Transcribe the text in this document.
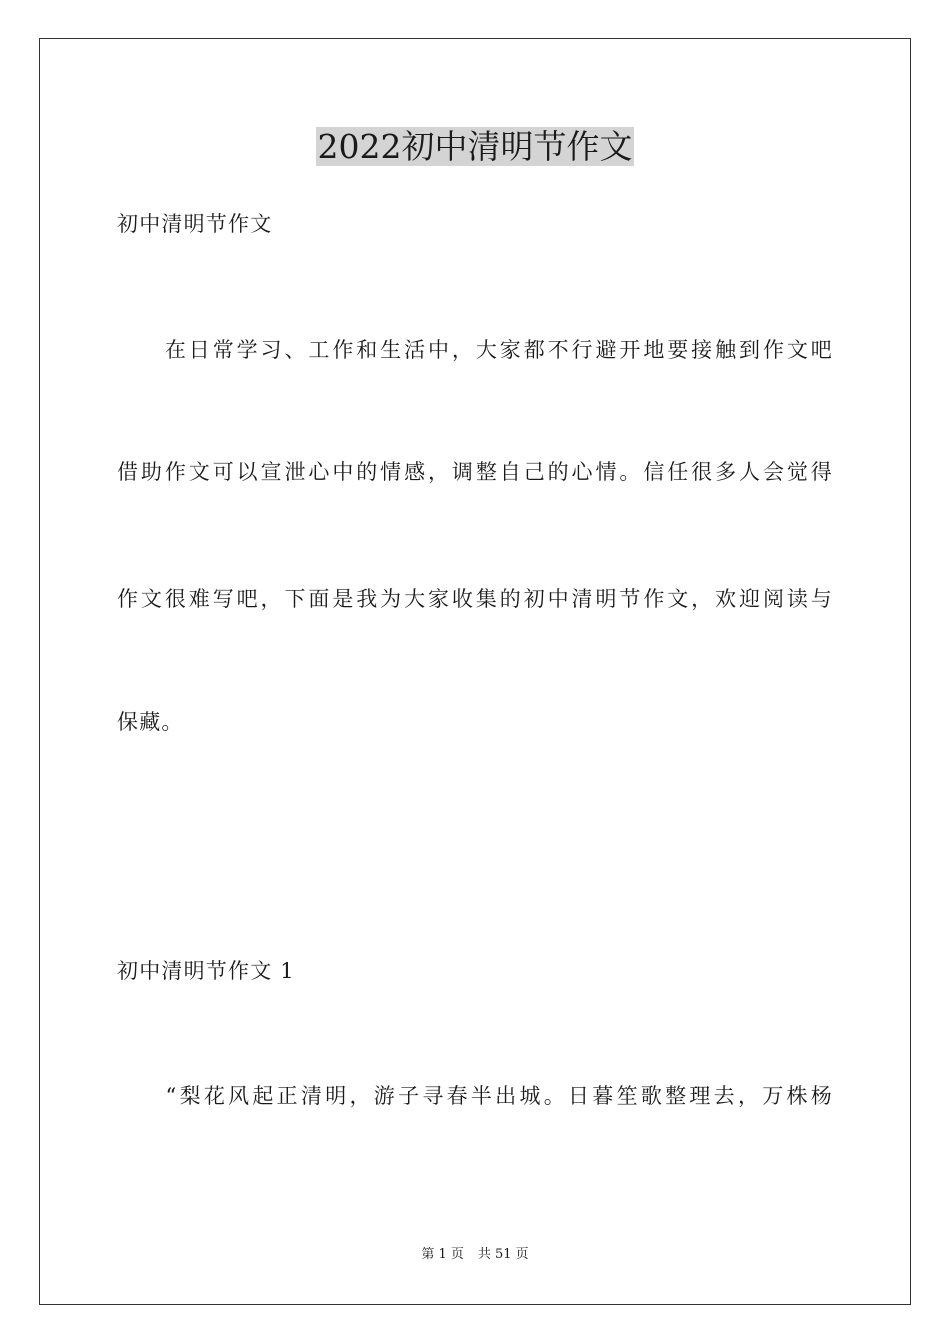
2022初中清明节作文
初中清明节作文
　　在日常学习、工作和生活中，大家都不行避开地要接触到作文吧
借助作文可以宣泄心中的情感，调整自己的心情。信任很多人会觉得
作文很难写吧，下面是我为大家收集的初中清明节作文，欢迎阅读与
保藏。
初中清明节作文 1
　　“梨花风起正清明，游子寻春半出城。日暮笙歌整理去，万株杨
第 1 页 共 51 页
